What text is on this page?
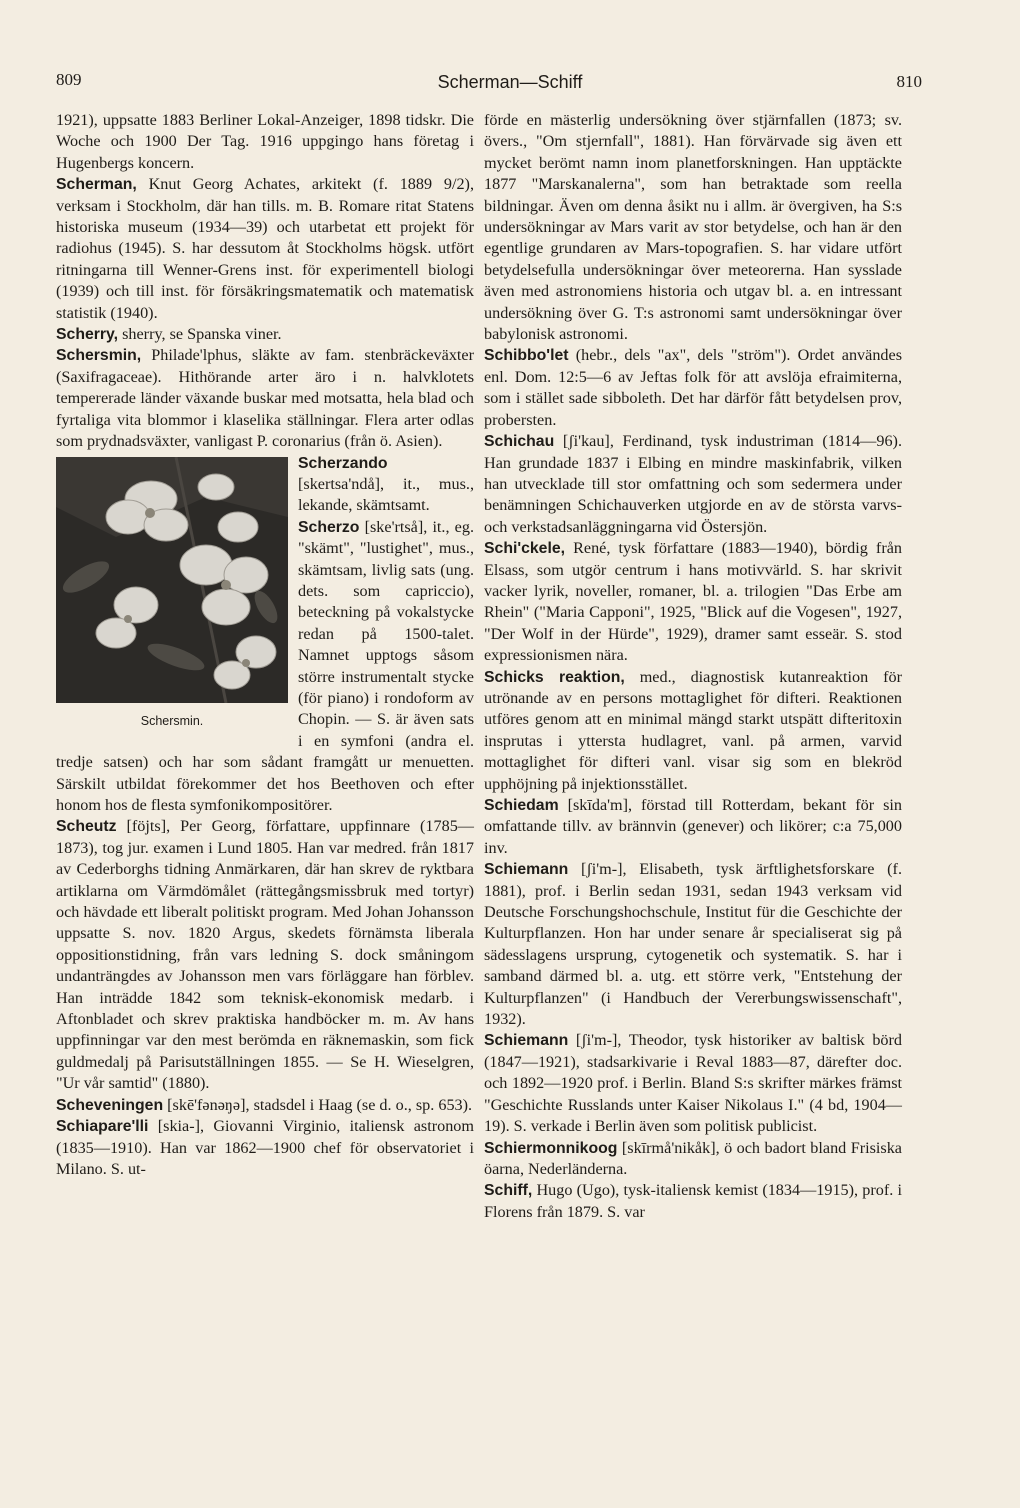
809	Scherman—Schiff	810

1921), uppsatte 1883 Berliner Lokal-Anzeiger, 1898 tidskr. Die Woche och 1900 Der Tag. 1916 uppgingo hans företag i Hugenbergs koncern.

Scherman, Knut Georg Achates, arkitekt (f. 1889 9/2), verksam i Stockholm, där han tills. m. B. Romare ritat Statens historiska museum (1934—39) och utarbetat ett projekt för radiohus (1945). S. har dessutom åt Stockholms högsk. utfört ritningarna till Wenner-Grens inst. för experimentell biologi (1939) och till inst. för försäkringsmatematik och matematisk statistik (1940).

Scherry, sherry, se Spanska viner.

Schersmin, Philade'lphus, släkte av fam. stenbräckeväxter (Saxifragaceae). Hithörande arter äro i n. halvklotets tempererade länder växande buskar med motsatta, hela blad och fyrtaliga vita blommor i klaselika ställningar. Flera arter odlas som prydnadsväxter, vanligast P. coronarius (från ö. Asien).

Schersmin.

Scherzando [skertsa'ndå], it., mus., lekande, skämtsamt.

Scherzo [ske'rtså], it., eg. "skämt", "lustighet", mus., skämtsam, livlig sats (ung. dets. som capriccio), beteckning på vokalstycke redan på 1500-talet. Namnet upptogs såsom större instrumentalt stycke (för piano) i rondoform av Chopin. — S. är även sats i en symfoni (andra el. tredje satsen) och har som sådant framgått ur menuetten. Särskilt utbildat förekommer det hos Beethoven och efter honom hos de flesta symfonikompositörer.

Scheutz [föjts], Per Georg, författare, uppfinnare (1785—1873), tog jur. examen i Lund 1805. Han var medred. från 1817 av Cederborghs tidning Anmärkaren, där han skrev de ryktbara artiklarna om Värmdömålet (rättegångsmissbruk med tortyr) och hävdade ett liberalt politiskt program. Med Johan Johansson uppsatte S. nov. 1820 Argus, skedets förnämsta liberala oppositionstidning, från vars ledning S. dock småningom undanträngdes av Johansson men vars förläggare han förblev. Han inträdde 1842 som teknisk-ekonomisk medarb. i Aftonbladet och skrev praktiska handböcker m. m. Av hans uppfinningar var den mest berömda en räknemaskin, som fick guldmedalj på Parisutställningen 1855. — Se H. Wieselgren, "Ur vår samtid" (1880).

Scheveningen [skē'fənəŋə], stadsdel i Haag (se d. o., sp. 653).

Schiapare'lli [skia-], Giovanni Virginio, italiensk astronom (1835—1910). Han var 1862—1900 chef för observatoriet i Milano. S. ut-

förde en mästerlig undersökning över stjärnfallen (1873; sv. övers., "Om stjernfall", 1881). Han förvärvade sig även ett mycket berömt namn inom planetforskningen. Han upptäckte 1877 "Marskanalerna", som han betraktade som reella bildningar. Även om denna åsikt nu i allm. är övergiven, ha S:s undersökningar av Mars varit av stor betydelse, och han är den egentlige grundaren av Mars-topografien. S. har vidare utfört betydelsefulla undersökningar över meteorerna. Han sysslade även med astronomiens historia och utgav bl. a. en intressant undersökning över G. T:s astronomi samt undersökningar över babylonisk astronomi.

Schibbo'let (hebr., dels "ax", dels "ström"). Ordet användes enl. Dom. 12:5—6 av Jeftas folk för att avslöja efraimiterna, som i stället sade sibboleth. Det har därför fått betydelsen prov, probersten.

Schichau [ʃi'kau], Ferdinand, tysk industriman (1814—96). Han grundade 1837 i Elbing en mindre maskinfabrik, vilken han utvecklade till stor omfattning och som sedermera under benämningen Schichauverken utgjorde en av de största varvs- och verkstadsanläggningarna vid Östersjön.

Schi'ckele, René, tysk författare (1883—1940), bördig från Elsass, som utgör centrum i hans motivvärld. S. har skrivit vacker lyrik, noveller, romaner, bl. a. trilogien "Das Erbe am Rhein" ("Maria Capponi", 1925, "Blick auf die Vogesen", 1927, "Der Wolf in der Hürde", 1929), dramer samt esseär. S. stod expressionismen nära.

Schicks reaktion, med., diagnostisk kutanreaktion för utrönande av en persons mottaglighet för difteri. Reaktionen utföres genom att en minimal mängd starkt utspätt difteritoxin insprutas i yttersta hudlagret, vanl. på armen, varvid mottaglighet för difteri vanl. visar sig som en blekröd upphöjning på injektionsstället.

Schiedam [skīda'm], förstad till Rotterdam, bekant för sin omfattande tillv. av brännvin (genever) och likörer; c:a 75,000 inv.

Schiemann [ʃi'm-], Elisabeth, tysk ärftlighetsforskare (f. 1881), prof. i Berlin sedan 1931, sedan 1943 verksam vid Deutsche Forschungshochschule, Institut für die Geschichte der Kulturpflanzen. Hon har under senare år specialiserat sig på sädesslagens ursprung, cytogenetik och systematik. S. har i samband därmed bl. a. utg. ett större verk, "Entstehung der Kulturpflanzen" (i Handbuch der Vererbungswissenschaft", 1932).

Schiemann [ʃi'm-], Theodor, tysk historiker av baltisk börd (1847—1921), stadsarkivarie i Reval 1883—87, därefter doc. och 1892—1920 prof. i Berlin. Bland S:s skrifter märkes främst "Geschichte Russlands unter Kaiser Nikolaus I." (4 bd, 1904—19). S. verkade i Berlin även som politisk publicist.

Schiermonnikoog [skīrmå'nikåk], ö och badort bland Frisiska öarna, Nederländerna.

Schiff, Hugo (Ugo), tysk-italiensk kemist (1834—1915), prof. i Florens från 1879. S. var
